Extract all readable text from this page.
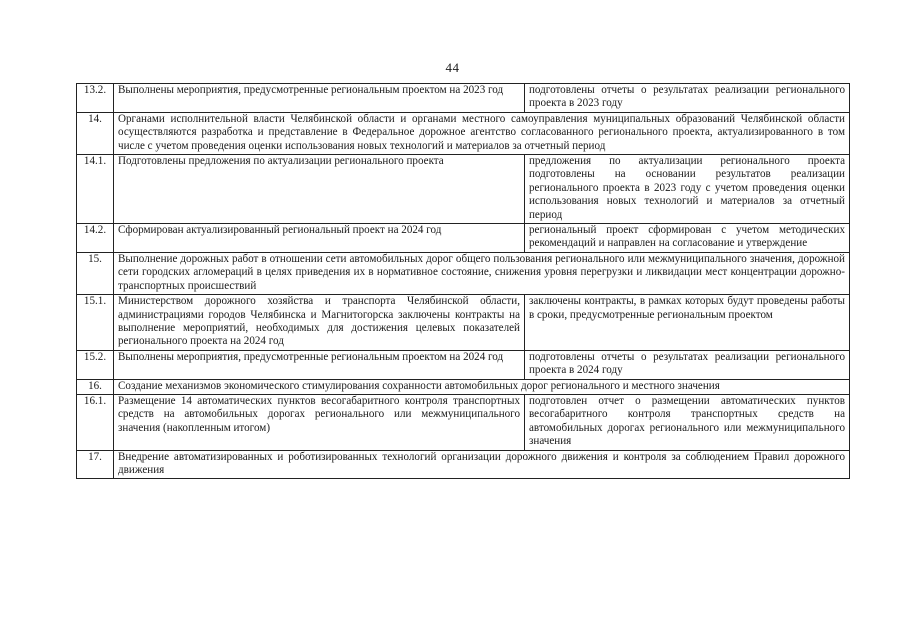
44
13.2.	Выполнены мероприятия, предусмотренные региональным проектом на 2023 год	подготовлены отчеты о результатах реализации регионального проекта в 2023 году
14.	Органами исполнительной власти Челябинской области и органами местного самоуправления муниципальных образований Челябинской области осуществляются разработка и представление в Федеральное дорожное агентство согласованного регионального проекта, актуализированного в том числе с учетом проведения оценки использования новых технологий и материалов за отчетный период	
14.1.	Подготовлены предложения по актуализации регионального проекта	предложения по актуализации регионального проекта подготовлены на основании результатов реализации регионального проекта в 2023 году с учетом проведения оценки использования новых технологий и материалов за отчетный период
14.2.	Сформирован актуализированный региональный проект на 2024 год	региональный проект сформирован с учетом методических рекомендаций и направлен на согласование и утверждение
15.	Выполнение дорожных работ в отношении сети автомобильных дорог общего пользования регионального или межмуниципального значения, дорожной сети городских агломераций в целях приведения их в нормативное состояние, снижения уровня перегрузки и ликвидации мест концентрации дорожно-транспортных происшествий	
15.1.	Министерством дорожного хозяйства и транспорта Челябинской области, администрациями городов Челябинска и Магнитогорска заключены контракты на выполнение мероприятий, необходимых для достижения целевых показателей регионального проекта на 2024 год	заключены контракты, в рамках которых будут проведены работы в сроки, предусмотренные региональным проектом
15.2.	Выполнены мероприятия, предусмотренные региональным проектом на 2024 год	подготовлены отчеты о результатах реализации регионального проекта в 2024 году
16.	Создание механизмов экономического стимулирования сохранности автомобильных дорог регионального и местного значения	
16.1.	Размещение 14 автоматических пунктов весогабаритного контроля транспортных средств на автомобильных дорогах регионального или межмуниципального значения (накопленным итогом)	подготовлен отчет о размещении автоматических пунктов весогабаритного контроля транспортных средств на автомобильных дорогах регионального или межмуниципального значения
17.	Внедрение автоматизированных и роботизированных технологий организации дорожного движения и контроля за соблюдением Правил дорожного движения	
